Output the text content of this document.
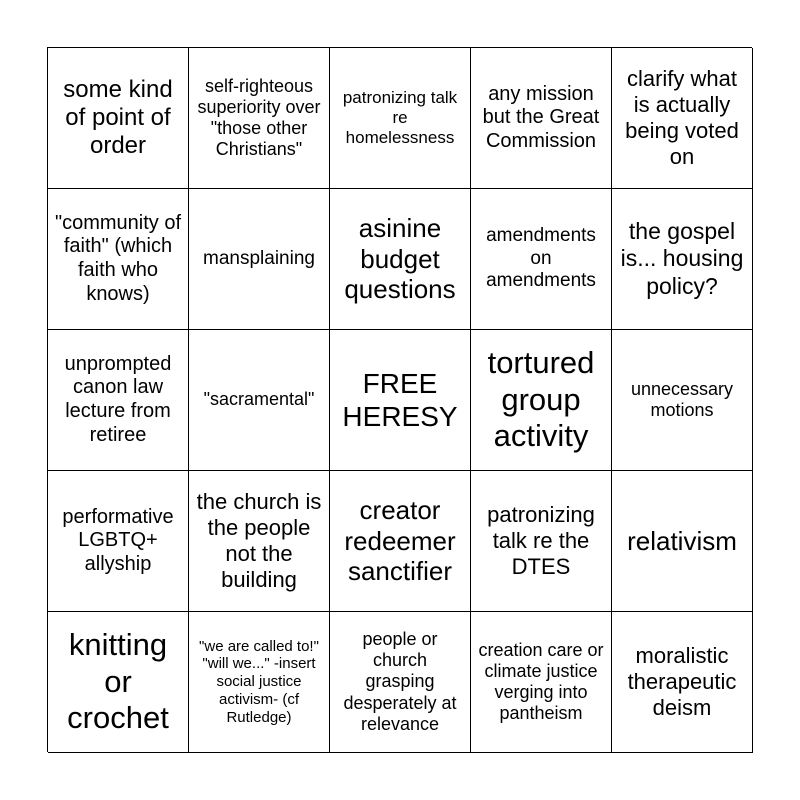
some kind of point of order
self-righteous superiority over "those other Christians"
patronizing talk re homelessness
any mission but the Great Commission
clarify what is actually being voted on
"community of faith" (which faith who knows)
mansplaining
asinine budget questions
amendments on amendments
the gospel is... housing policy?
unprompted canon law lecture from retiree
"sacramental"
FREE HERESY
tortured group activity
unnecessary motions
performative LGBTQ+ allyship
the church is the people not the building
creator redeemer sanctifier
patronizing talk re the DTES
relativism
knitting or crochet
"we are called to!" "will we..." -insert social justice activism- (cf Rutledge)
people or church grasping desperately at relevance
creation care or climate justice verging into pantheism
moralistic therapeutic deism
